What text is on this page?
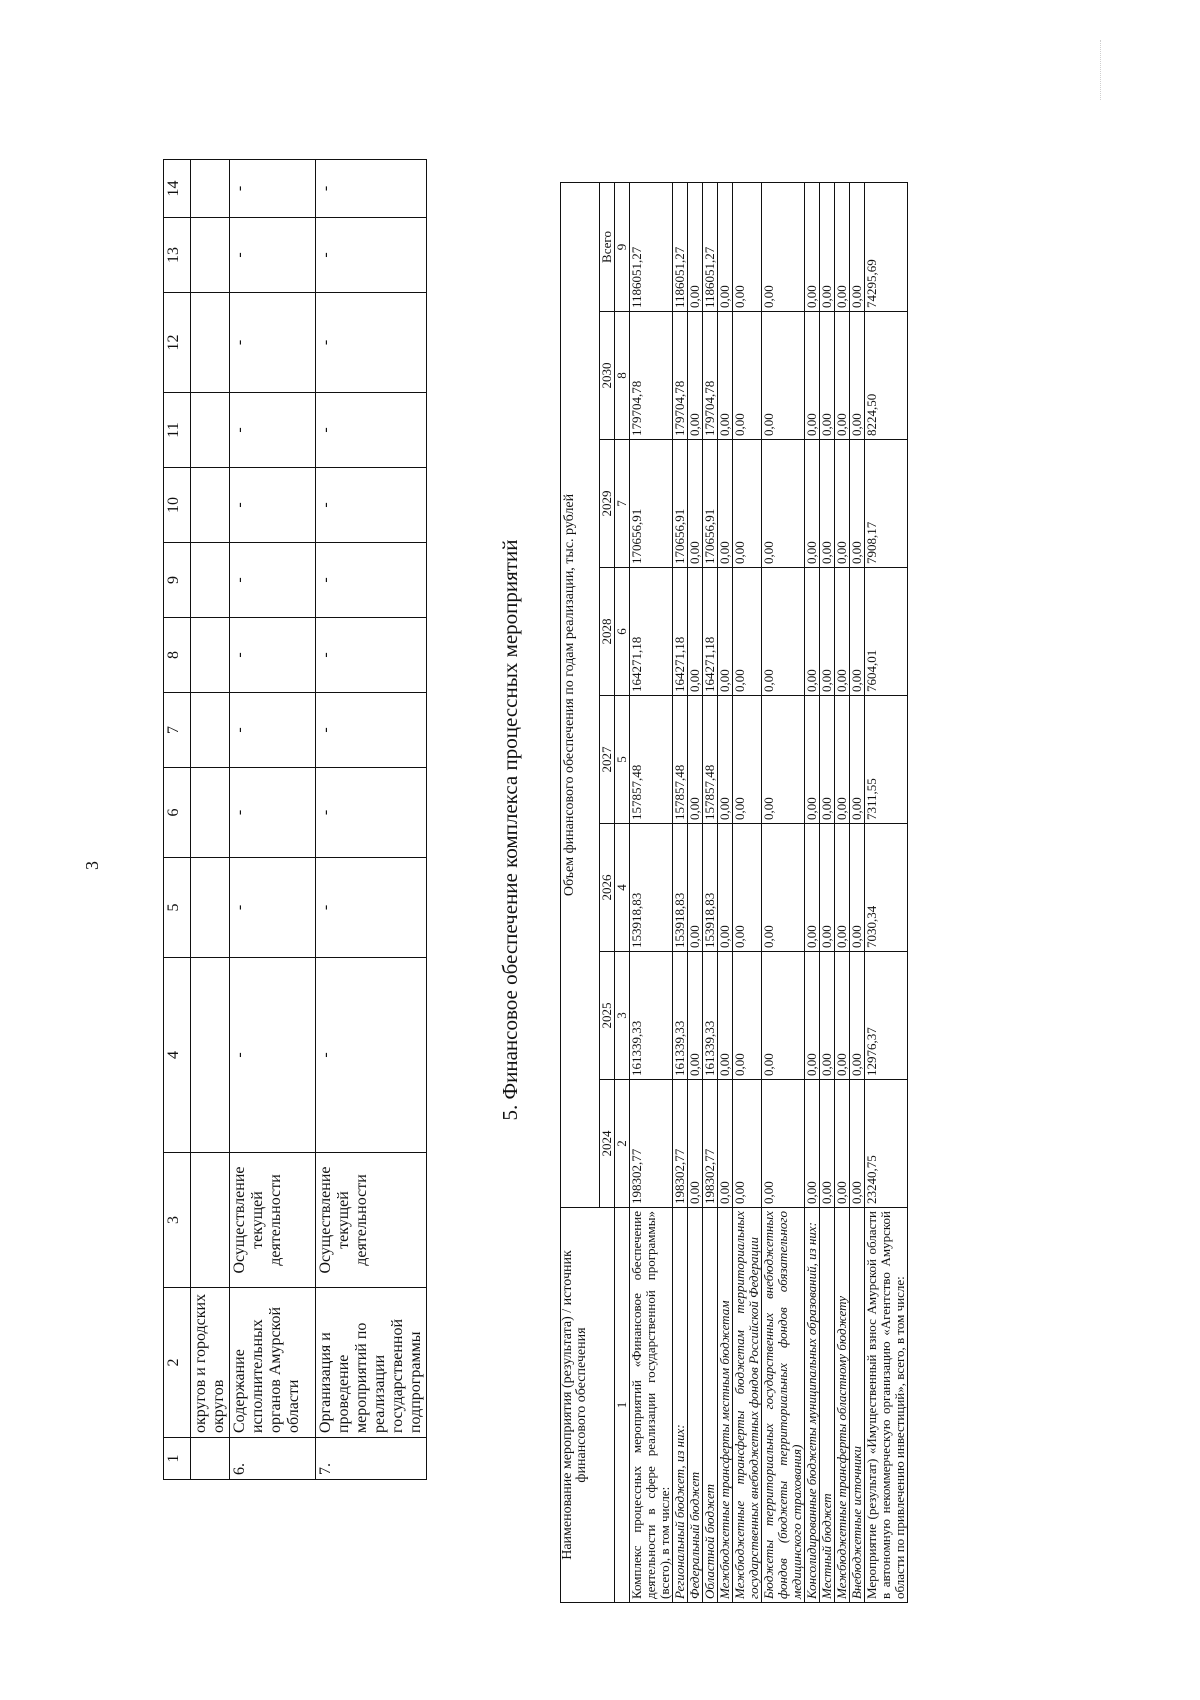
3
1	2	3	4	5	6	7	8	9	10	11	12	13	14
	округов и городских округов												
6.	Содержание исполнительных органов Амурской области	Осуществление текущей деятельности	-	-	-	-	-	-	-	-	-	-	-
7.	Организация и проведение мероприятий по реализации государственной подпрограммы	Осуществление текущей деятельности	-	-	-	-	-	-	-	-	-	-	-
5. Финансовое обеспечение комплекса процессных мероприятий
Наименование мероприятия (результата) / источник финансового обеспечения	Объем финансового обеспечения по годам реализации, тыс. рублей							
	2024	2025	2026	2027	2028	2029	2030	Всего
1	2	3	4	5	6	7	8	9
Комплекс процессных мероприятий «Финансовое обеспечение деятельности в сфере реализации государственной программы» (всего), в том числе:	198302,77	161339,33	153918,83	157857,48	164271,18	170656,91	179704,78	1186051,27
Региональный бюджет, из них:	198302,77	161339,33	153918,83	157857,48	164271,18	170656,91	179704,78	1186051,27
Федеральный бюджет	0,00	0,00	0,00	0,00	0,00	0,00	0,00	0,00
Областной бюджет	198302,77	161339,33	153918,83	157857,48	164271,18	170656,91	179704,78	1186051,27
Межбюджетные трансферты местным бюджетам	0,00	0,00	0,00	0,00	0,00	0,00	0,00	0,00
Межбюджетные трансферты бюджетам территориальных государственных внебюджетных фондов Российской Федерации	0,00	0,00	0,00	0,00	0,00	0,00	0,00	0,00
Бюджеты территориальных государственных внебюджетных фондов (бюджеты территориальных фондов обязательного медицинского страхования)	0,00	0,00	0,00	0,00	0,00	0,00	0,00	0,00
Консолидированные бюджеты муниципальных образований, из них:	0,00	0,00	0,00	0,00	0,00	0,00	0,00	0,00
Местный бюджет	0,00	0,00	0,00	0,00	0,00	0,00	0,00	0,00
Межбюджетные трансферты областному бюджету	0,00	0,00	0,00	0,00	0,00	0,00	0,00	0,00
Внебюджетные источники	0,00	0,00	0,00	0,00	0,00	0,00	0,00	0,00
Мероприятие (результат) «Имущественный взнос Амурской области в автономную некоммерческую организацию «Агентство Амурской области по привлечению инвестиций», всего, в том числе:	23240,75	12976,37	7030,34	7311,55	7604,01	7908,17	8224,50	74295,69
